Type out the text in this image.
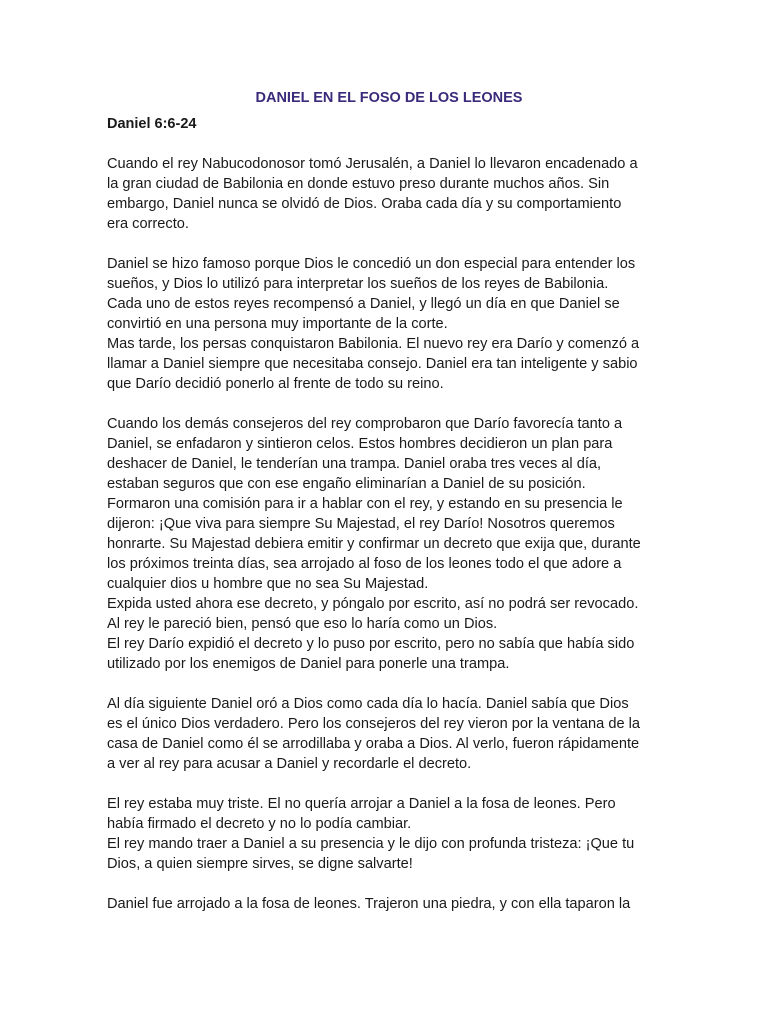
DANIEL EN EL FOSO DE LOS LEONES
Daniel 6:6-24
Cuando el rey Nabucodonosor tomó Jerusalén, a Daniel lo llevaron encadenado a
la gran ciudad de Babilonia en donde estuvo preso durante muchos años. Sin
embargo, Daniel nunca se olvidó de Dios. Oraba cada día y su comportamiento
era correcto.
Daniel se hizo famoso porque Dios le concedió un don especial para entender los
sueños, y Dios lo utilizó para interpretar los sueños de los reyes de Babilonia.
Cada uno de estos reyes recompensó a Daniel, y llegó un día en que Daniel se
convirtió en una persona muy importante de la corte.
Mas tarde, los persas conquistaron Babilonia. El nuevo rey era Darío y comenzó a
llamar a Daniel siempre que necesitaba consejo. Daniel era tan inteligente y sabio
que Darío decidió ponerlo al frente de todo su reino.
Cuando los demás consejeros del rey comprobaron que Darío favorecía tanto a
Daniel, se enfadaron y sintieron celos. Estos hombres decidieron un plan para
deshacer de Daniel, le tenderían una trampa. Daniel oraba tres veces al día,
estaban seguros que con ese engaño eliminarían a Daniel de su posición.
Formaron una comisión para ir a hablar con el rey, y estando en su presencia le
dijeron: ¡Que viva para siempre Su Majestad, el rey Darío! Nosotros queremos
honrarte. Su Majestad debiera emitir y confirmar un decreto que exija que, durante
los próximos treinta días, sea arrojado al foso de los leones todo el que adore a
cualquier dios u hombre que no sea Su Majestad.
Expida usted ahora ese decreto, y póngalo por escrito, así no podrá ser revocado.
Al rey le pareció bien, pensó que eso lo haría como un Dios.
El rey Darío expidió el decreto y lo puso por escrito, pero no sabía que había sido
utilizado por los enemigos de Daniel para ponerle una trampa.
Al día siguiente Daniel oró a Dios como cada día lo hacía. Daniel sabía que Dios
es el único Dios verdadero. Pero los consejeros del rey vieron por la ventana de la
casa de Daniel como él se arrodillaba y oraba a Dios. Al verlo, fueron rápidamente
a ver al rey para acusar a Daniel y recordarle el decreto.
El rey estaba muy triste. El no quería arrojar a Daniel a la fosa de leones. Pero
había firmado el decreto y no lo podía cambiar.
El rey mando traer a Daniel a su presencia y le dijo con profunda tristeza: ¡Que tu
Dios, a quien siempre sirves, se digne salvarte!
Daniel fue arrojado a la fosa de leones. Trajeron una piedra, y con ella taparon la
